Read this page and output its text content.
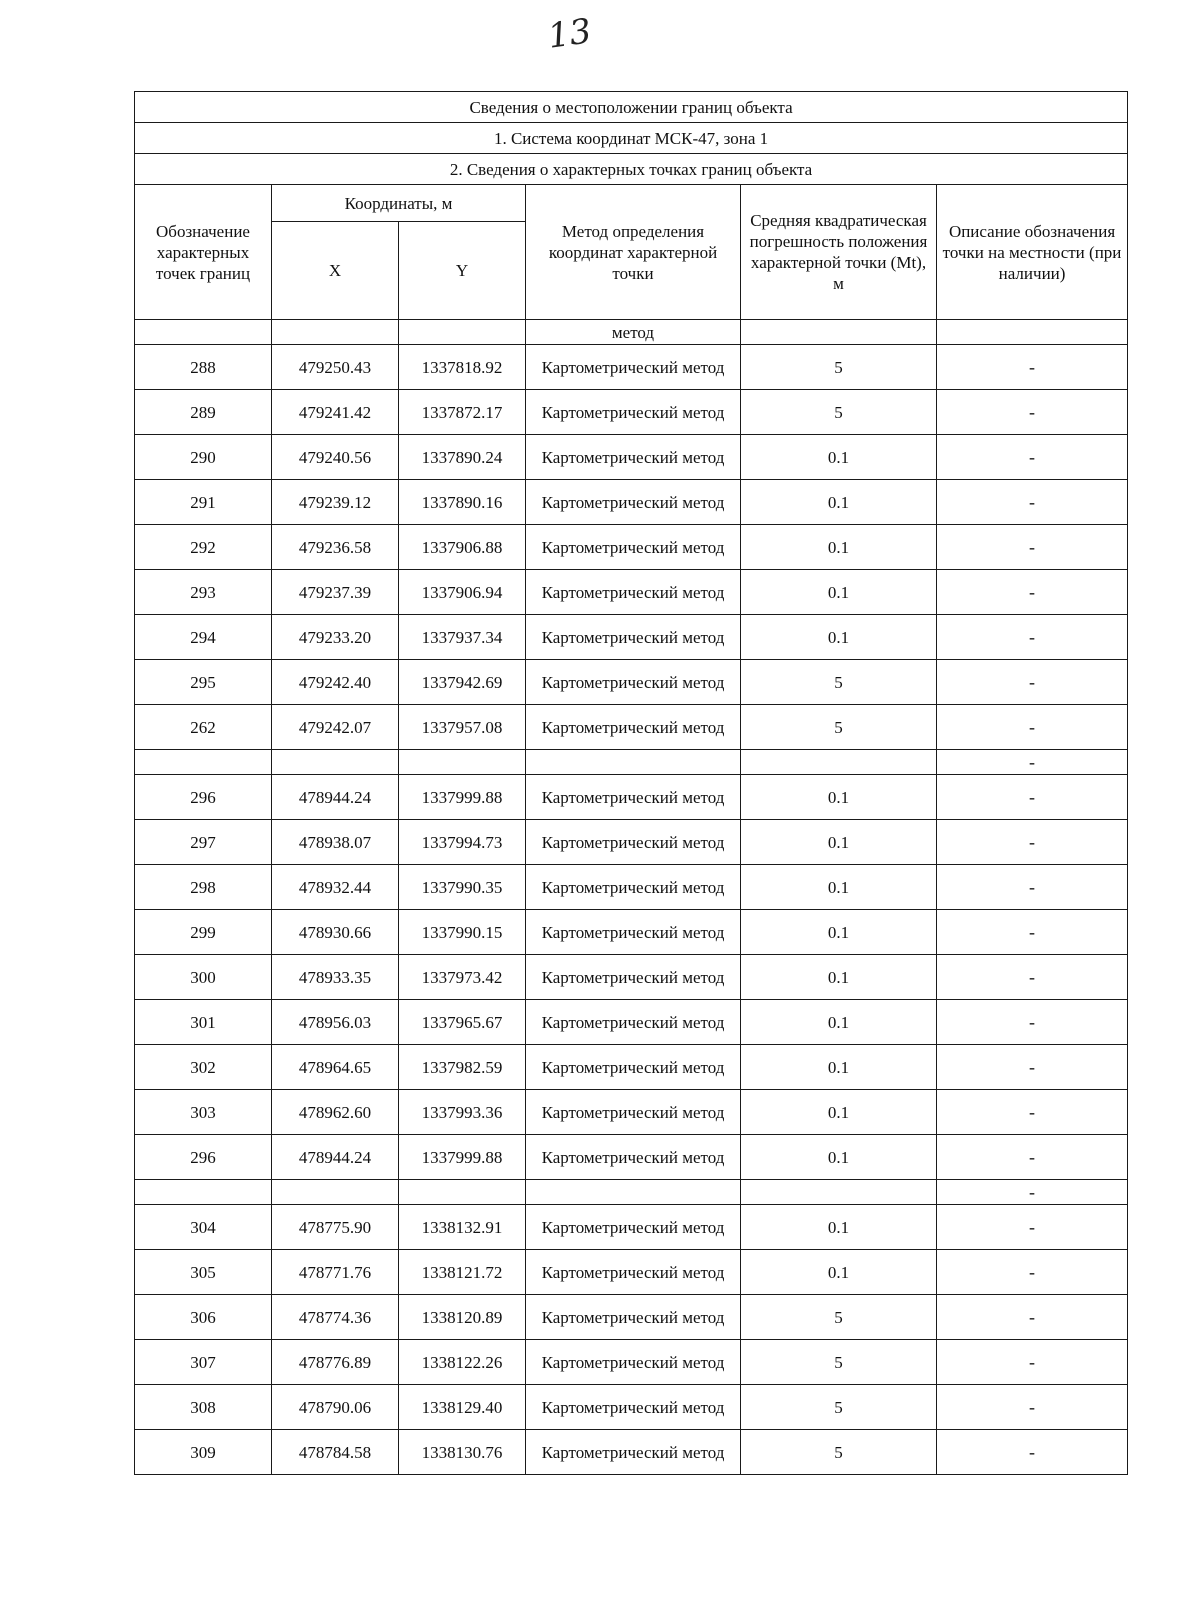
13
Сведения о местоположении границ объекта					
1. Система координат МСК-47, зона 1					
2. Сведения о характерных точках границ объекта					
Обозначение характерных точек границ	Координаты, м		Метод определения координат характерной точки	Средняя квадратическая погрешность положения характерной точки (Mt), м	Описание обозначения точки на местности (при наличии)
	X	Y			
			метод		
288	479250.43	1337818.92	Картометрический метод	5	-
289	479241.42	1337872.17	Картометрический метод	5	-
290	479240.56	1337890.24	Картометрический метод	0.1	-
291	479239.12	1337890.16	Картометрический метод	0.1	-
292	479236.58	1337906.88	Картометрический метод	0.1	-
293	479237.39	1337906.94	Картометрический метод	0.1	-
294	479233.20	1337937.34	Картометрический метод	0.1	-
295	479242.40	1337942.69	Картометрический метод	5	-
262	479242.07	1337957.08	Картометрический метод	5	-
					-
296	478944.24	1337999.88	Картометрический метод	0.1	-
297	478938.07	1337994.73	Картометрический метод	0.1	-
298	478932.44	1337990.35	Картометрический метод	0.1	-
299	478930.66	1337990.15	Картометрический метод	0.1	-
300	478933.35	1337973.42	Картометрический метод	0.1	-
301	478956.03	1337965.67	Картометрический метод	0.1	-
302	478964.65	1337982.59	Картометрический метод	0.1	-
303	478962.60	1337993.36	Картометрический метод	0.1	-
296	478944.24	1337999.88	Картометрический метод	0.1	-
					-
304	478775.90	1338132.91	Картометрический метод	0.1	-
305	478771.76	1338121.72	Картометрический метод	0.1	-
306	478774.36	1338120.89	Картометрический метод	5	-
307	478776.89	1338122.26	Картометрический метод	5	-
308	478790.06	1338129.40	Картометрический метод	5	-
309	478784.58	1338130.76	Картометрический метод	5	-
